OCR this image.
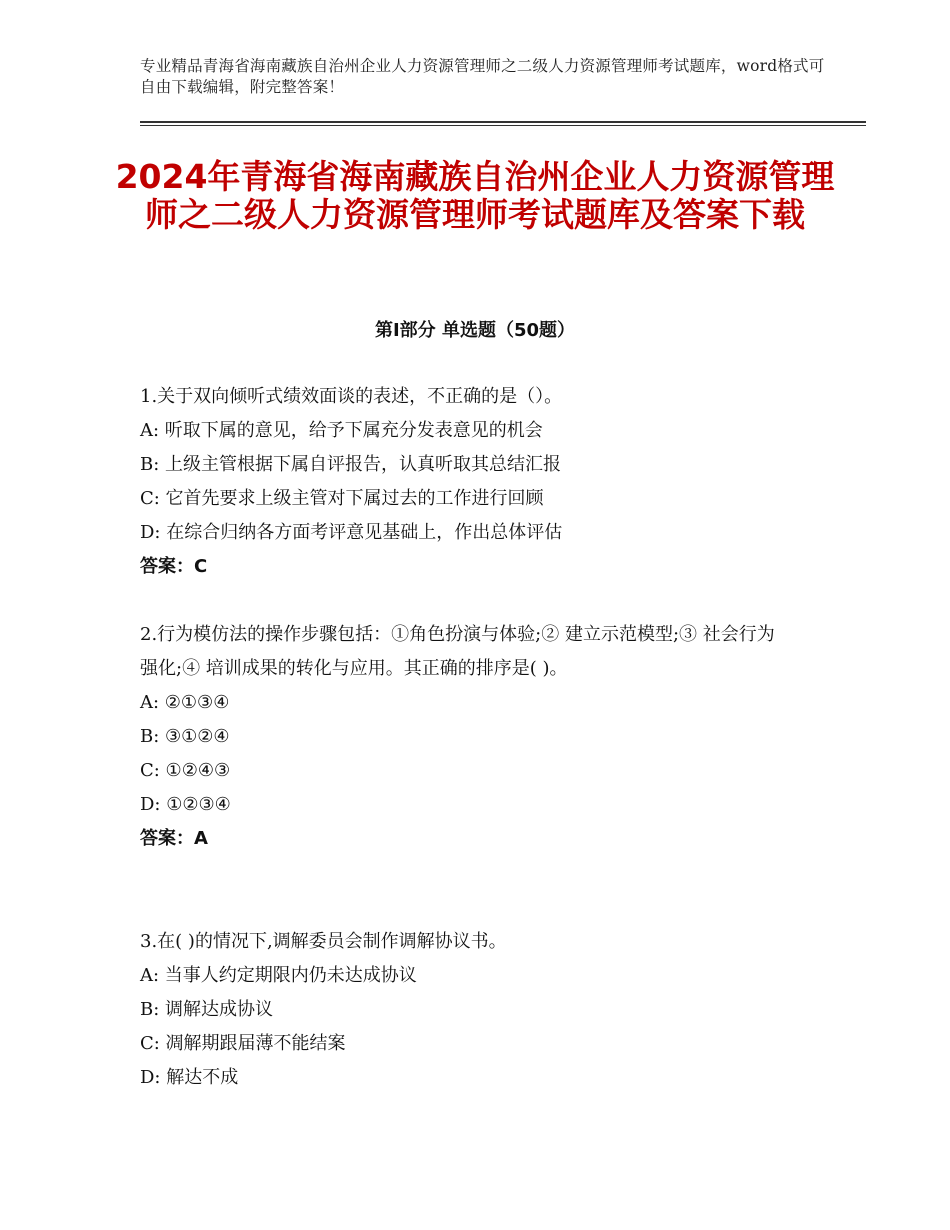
专业精品青海省海南藏族自治州企业人力资源管理师之二级人力资源管理师考试题库，word格式可自由下载编辑，附完整答案！
2024年青海省海南藏族自治州企业人力资源管理师之二级人力资源管理师考试题库及答案下载
第Ⅰ部分 单选题（50题）
1.关于双向倾听式绩效面谈的表述，不正确的是（）。
A: 听取下属的意见，给予下属充分发表意见的机会
B: 上级主管根据下属自评报告，认真听取其总结汇报
C: 它首先要求上级主管对下属过去的工作进行回顾
D: 在综合归纳各方面考评意见基础上，作出总体评估
答案：C
2.行为模仿法的操作步骤包括：①角色扮演与体验;② 建立示范模型;③ 社会行为强化;④ 培训成果的转化与应用。其正确的排序是( )。
A: ②①③④
B: ③①②④
C: ①②④③
D: ①②③④
答案：A
3.在( )的情况下,调解委员会制作调解协议书。
A: 当事人约定期限内仍未达成协议
B: 调解达成协议
C: 凋解期跟届薄不能结案
D: 解达不成
